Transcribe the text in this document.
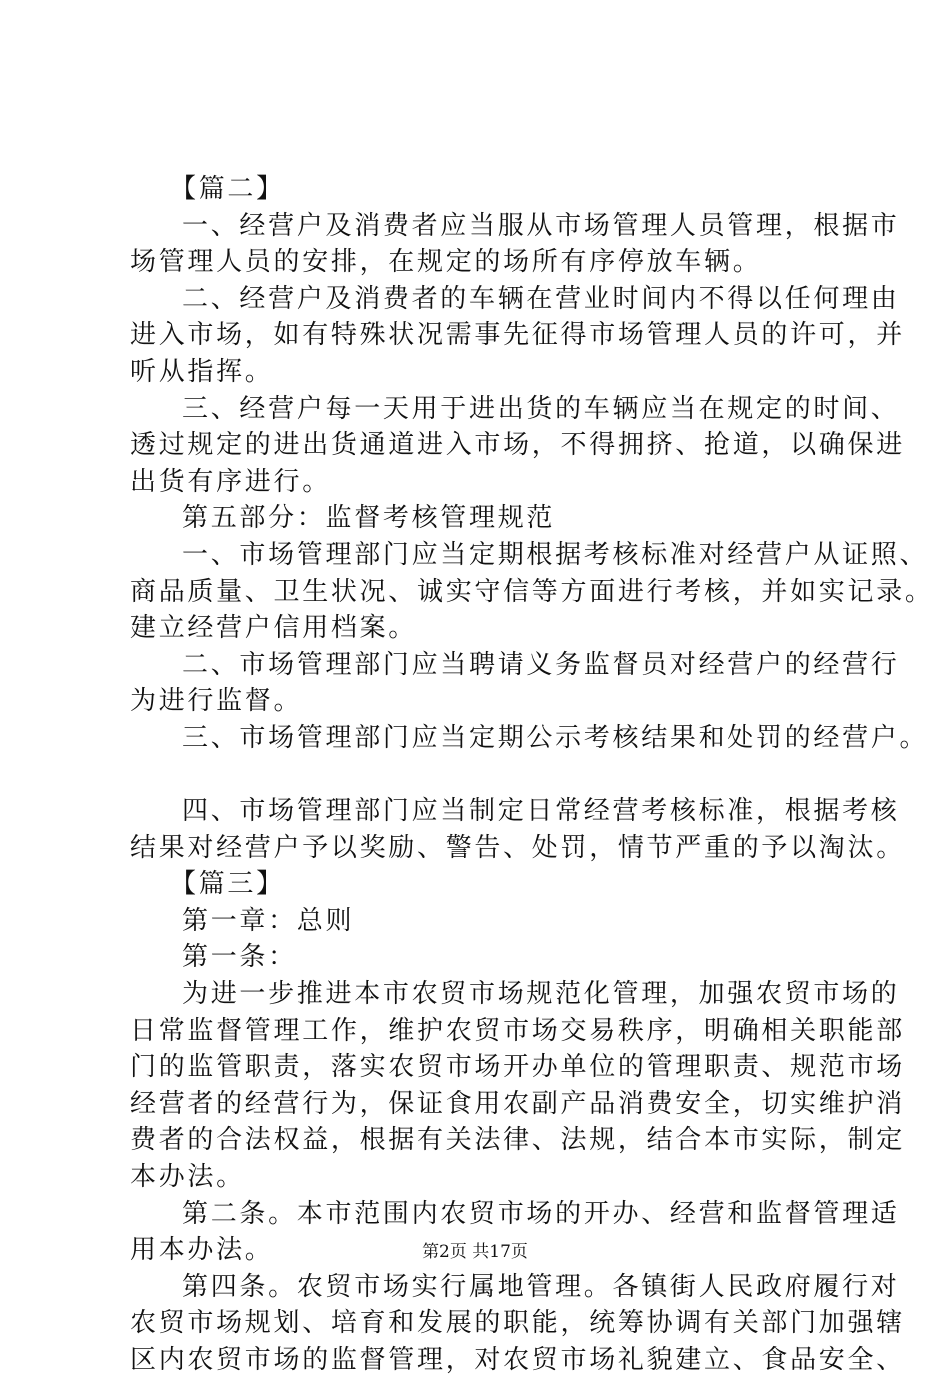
【篇二】
一、经营户及消费者应当服从市场管理人员管理，根据市
场管理人员的安排，在规定的场所有序停放车辆。
二、经营户及消费者的车辆在营业时间内不得以任何理由
进入市场，如有特殊状况需事先征得市场管理人员的许可，并
听从指挥。
三、经营户每一天用于进出货的车辆应当在规定的时间、
透过规定的进出货通道进入市场，不得拥挤、抢道，以确保进
出货有序进行。
第五部分：监督考核管理规范
一、市场管理部门应当定期根据考核标准对经营户从证照、
商品质量、卫生状况、诚实守信等方面进行考核，并如实记录。
建立经营户信用档案。
二、市场管理部门应当聘请义务监督员对经营户的经营行
为进行监督。
三、市场管理部门应当定期公示考核结果和处罚的经营户。
四、市场管理部门应当制定日常经营考核标准，根据考核
结果对经营户予以奖励、警告、处罚，情节严重的予以淘汰。
【篇三】
第一章：总则
第一条：
为进一步推进本市农贸市场规范化管理，加强农贸市场的
日常监督管理工作，维护农贸市场交易秩序，明确相关职能部
门的监管职责，落实农贸市场开办单位的管理职责、规范市场
经营者的经营行为，保证食用农副产品消费安全，切实维护消
费者的合法权益，根据有关法律、法规，结合本市实际，制定
本办法。
第二条。本市范围内农贸市场的开办、经营和监督管理适
用本办法。
第四条。农贸市场实行属地管理。各镇街人民政府履行对
农贸市场规划、培育和发展的职能，统筹协调有关部门加强辖
区内农贸市场的监督管理，对农贸市场礼貌建立、食品安全、
第2页 共17页
